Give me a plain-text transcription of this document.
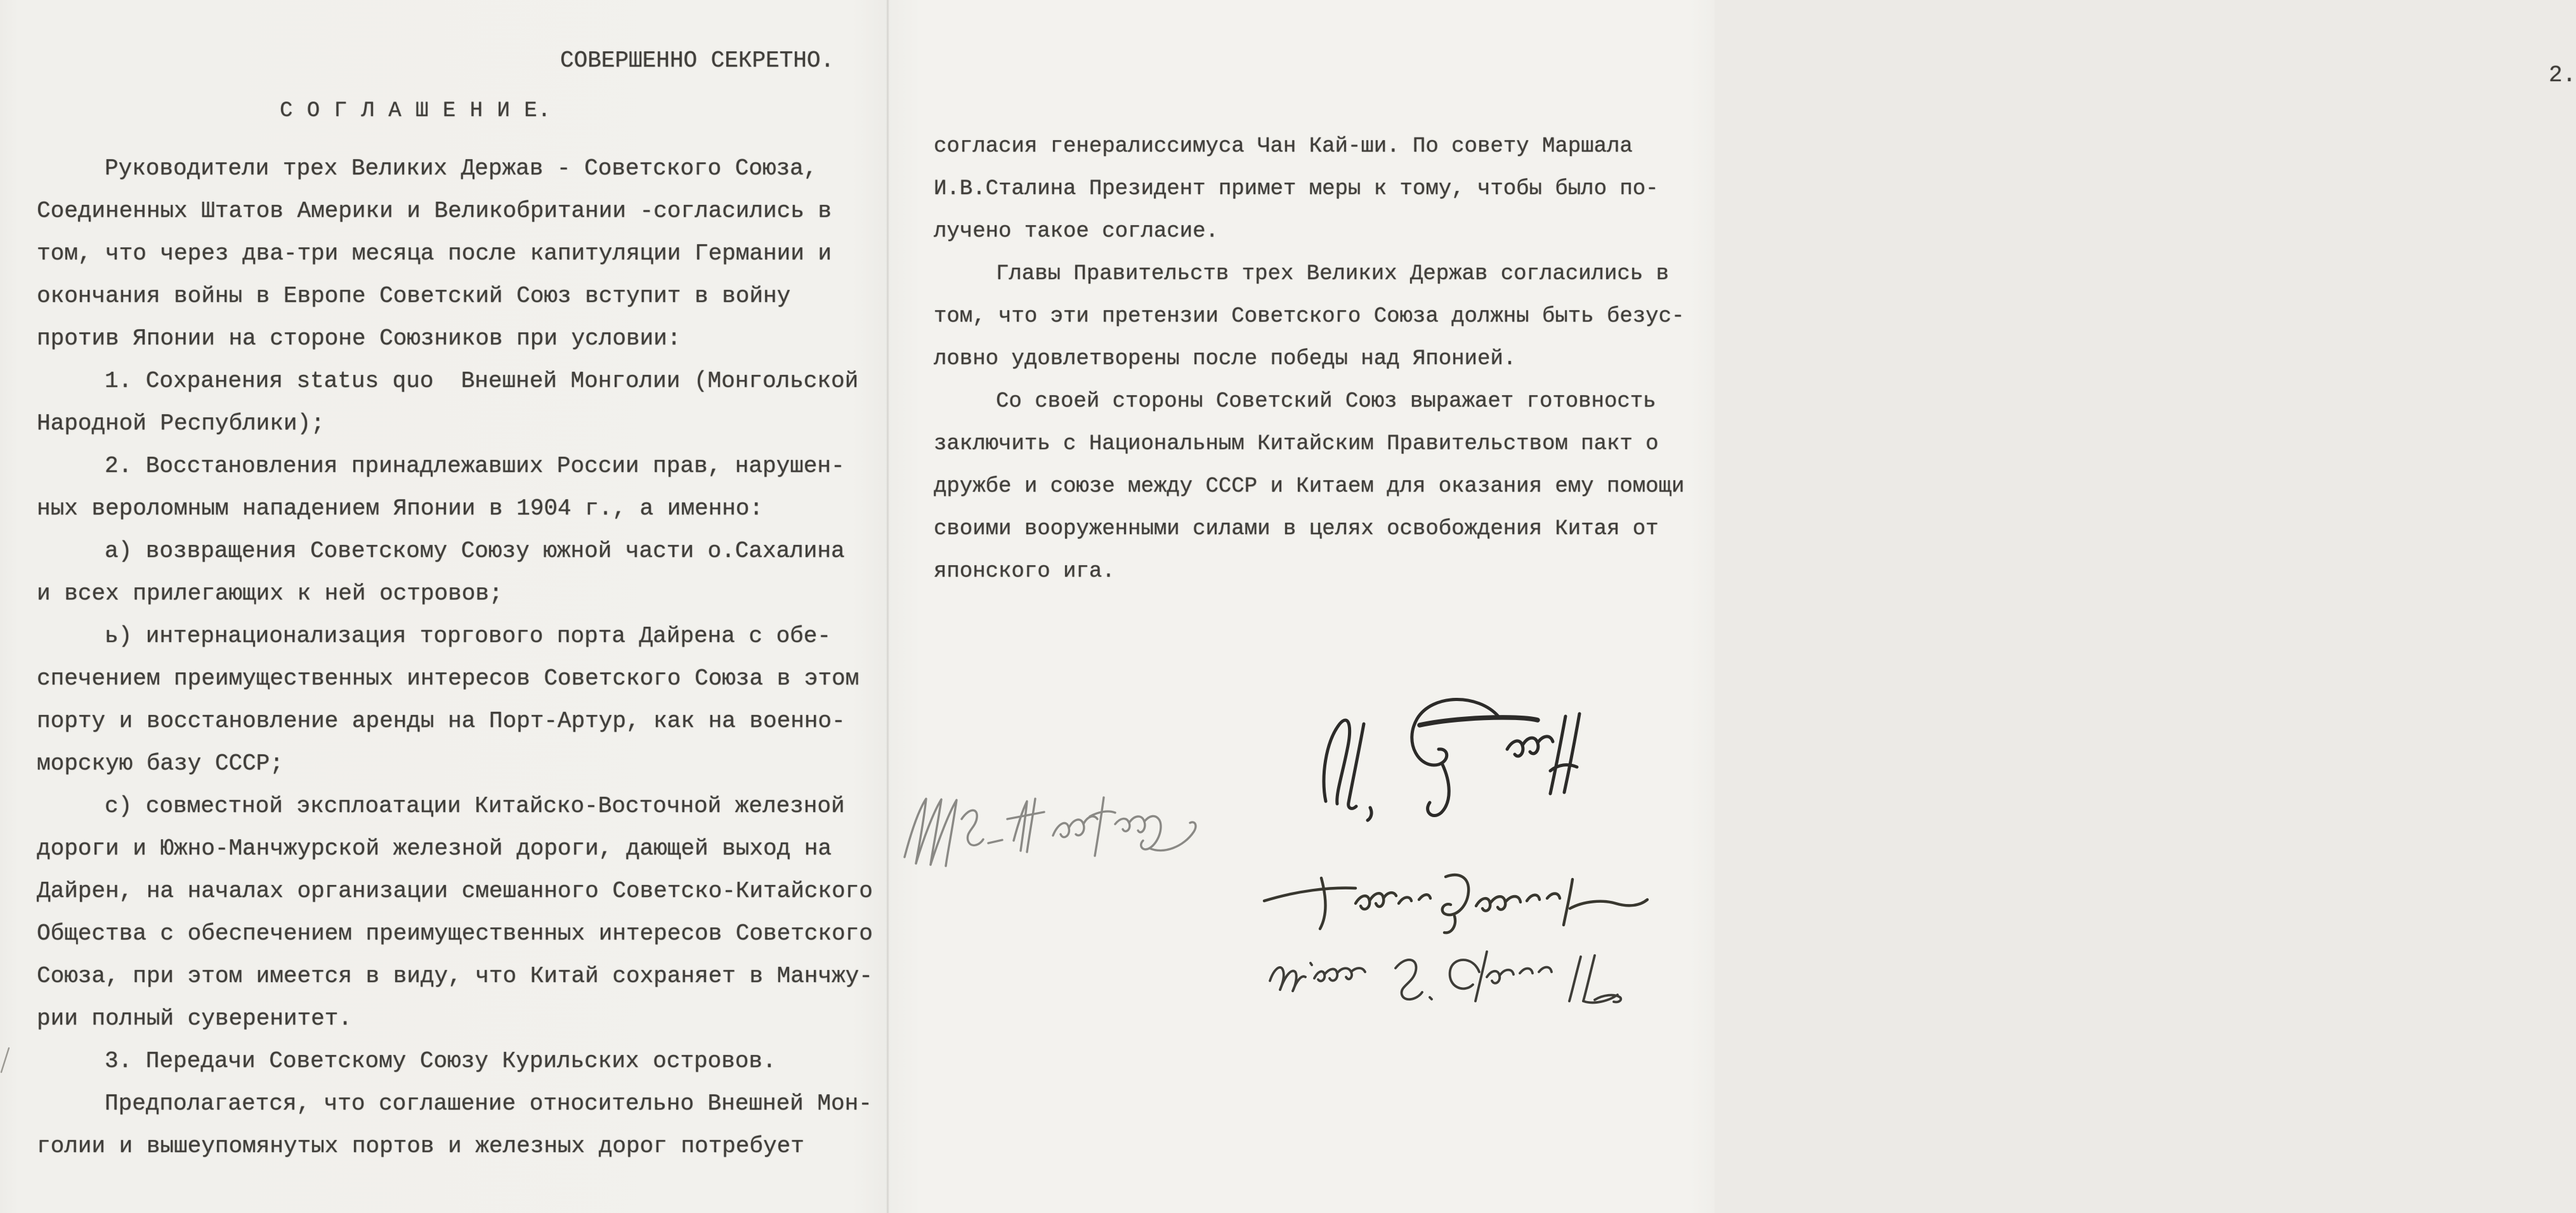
СОВЕРШЕННО СЕКРЕТНО.
С О Г Л А Ш Е Н И Е.
Руководители трех Великих Держав - Советского Союза,
Соединенных Штатов Америки и Великобритании -согласились в
том, что через два-три месяца после капитуляции Германии и
окончания войны в Европе Советский Союз вступит в войну
против Японии на стороне Союзников при условии:
1. Сохранения status quo  Внешней Монголии (Монгольской
Народной Республики);
2. Восстановления принадлежавших России прав, нарушен-
ных вероломным нападением Японии в 1904 г., а именно:
а) возвращения Советскому Союзу южной части о.Сахалина
и всех прилегающих к ней островов;
ь) интернационализация торгового порта Дайрена с обе-
спечением преимущественных интересов Советского Союза в этом
порту и восстановление аренды на Порт-Артур, как на военно-
морскую базу СССР;
с) совместной эксплоатации Китайско-Восточной железной
дороги и Южно-Манчжурской железной дороги, дающей выход на
Дайрен, на началах организации смешанного Советско-Китайского
Общества с обеспечением преимущественных интересов Советского
Союза, при этом имеется в виду, что Китай сохраняет в Манчжу-
рии полный суверенитет.
3. Передачи Советскому Союзу Курильских островов.
Предполагается, что соглашение относительно Внешней Мон-
голии и вышеупомянутых портов и железных дорог потребует
2.
согласия генералиссимуса Чан Кай-ши. По совету Маршала
И.В.Сталина Президент примет меры к тому, чтобы было по-
лучено такое согласие.
Главы Правительств трех Великих Держав согласились в
том, что эти претензии Советского Союза должны быть безус-
ловно удовлетворены после победы над Японией.
Со своей стороны Советский Союз выражает готовность
заключить с Национальным Китайским Правительством пакт о
дружбе и союзе между СССР и Китаем для оказания ему помощи
своими вооруженными силами в целях освобождения Китая от
японского ига.
